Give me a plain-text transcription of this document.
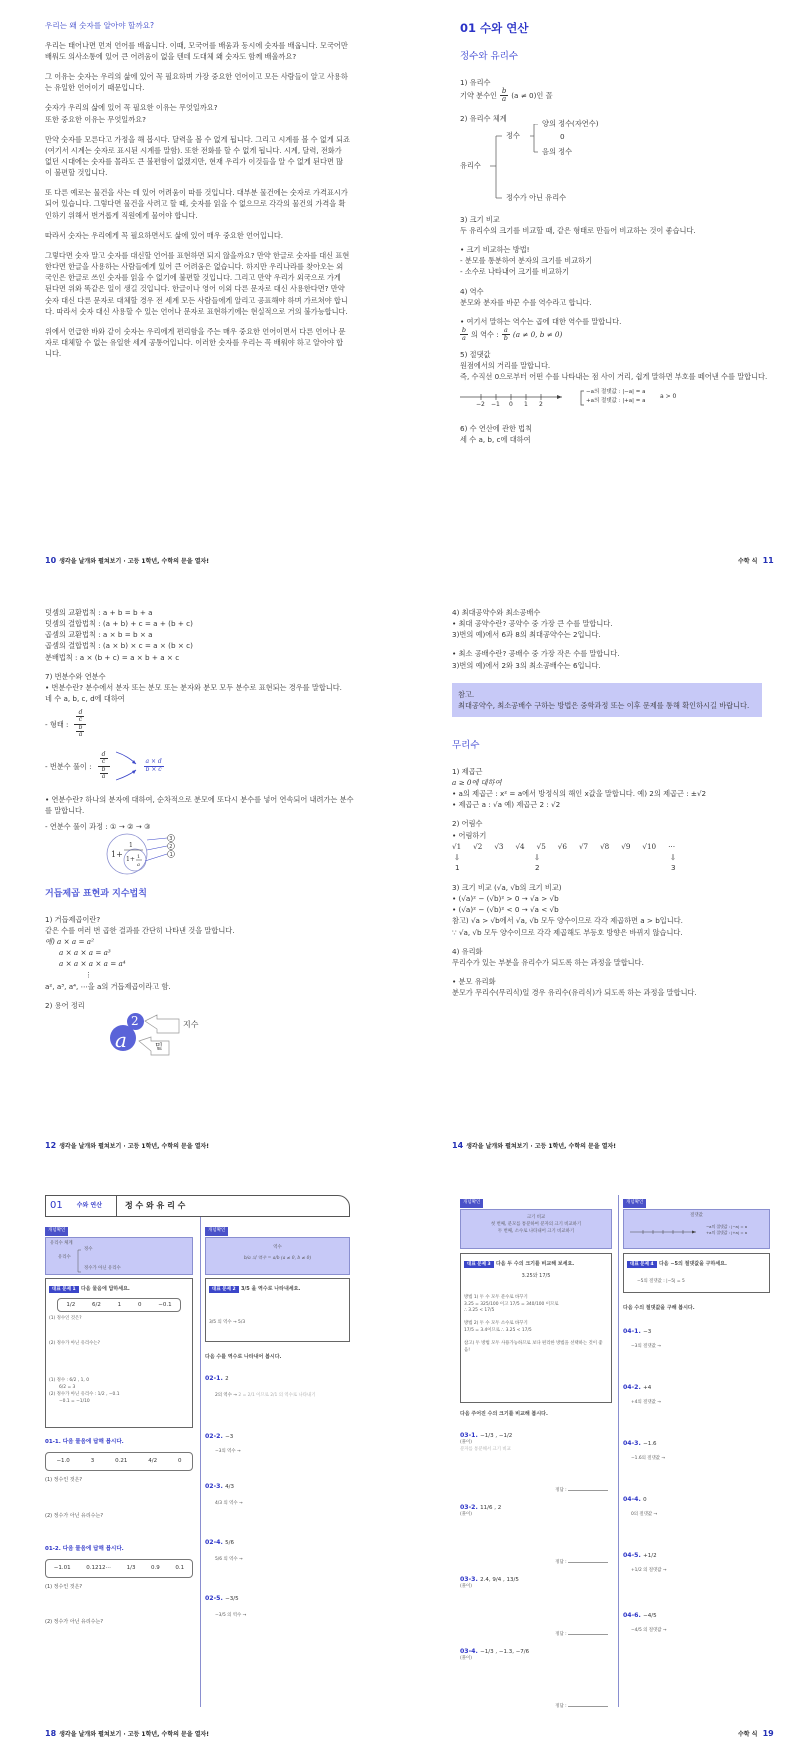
우리는 왜 숫자를 알아야 할까요?

우리는 태어나면 먼저 언어를 배웁니다. 이때, 모국어를 배움과 동시에 숫자를 배웁니다. 모국어만 배워도 의사소통에 있어 큰 어려움이 없을 텐데 도대체 왜 숫자도 함께 배울까요?

그 이유는 숫자는 우리의 삶에 있어 꼭 필요하며 가장 중요한 언어이고 모든 사람들이 알고 사용하는 유일한 언어이기 때문입니다.

숫자가 우리의 삶에 있어 꼭 필요한 이유는 무엇일까요?

또한 중요한 이유는 무엇일까요?

만약 숫자를 모른다고 가정을 해 봅시다. 달력을 볼 수 없게 됩니다. 그리고 시계를 볼 수 없게 되죠(여기서 시계는 숫자로 표시된 시계를 말함). 또한 전화를 할 수 없게 됩니다. 시계, 달력, 전화가 없던 시대에는 숫자를 몰라도 큰 불편함이 없겠지만, 현재 우리가 이것들을 알 수 없게 된다면 많이 불편할 것입니다.

또 다른 예로는 물건을 사는 데 있어 어려움이 따를 것입니다. 대부분 물건에는 숫자로 가격표시가 되어 있습니다. 그렇다면 물건을 사려고 할 때, 숫자를 읽을 수 없으므로 각각의 물건의 가격을 확인하기 위해서 번거롭게 직원에게 물어야 합니다.

따라서 숫자는 우리에게 꼭 필요하면서도 삶에 있어 매우 중요한 언어입니다.

그렇다면 숫자 말고 숫자를 대신할 언어를 표현하면 되지 않을까요? 만약 한글로 숫자를 대신 표현한다면 한글을 사용하는 사람들에게 있어 큰 어려움은 없습니다. 하지만 우리나라를 찾아오는 외국인은 한글로 쓰인 숫자를 읽을 수 없기에 불편할 것입니다. 그리고 만약 우리가 외국으로 가게 된다면 위와 똑같은 일이 생길 것입니다. 한글이나 영어 이외 다른 문자로 대신 사용한다면? 만약 숫자 대신 다른 문자로 대체할 경우 전 세계 모든 사람들에게 알리고 공표해야 하며 가르쳐야 합니다. 따라서 숫자 대신 사용할 수 있는 언어나 문자로 표현하기에는 현실적으로 거의 불가능합니다.

위에서 언급한 바와 같이 숫자는 우리에게 편리함을 주는 매우 중요한 언어이면서 다른 언어나 문자로 대체할 수 없는 유일한 세계 공통어입니다. 이러한 숫자를 우리는 꼭 배워야 하고 알아야 합니다.

10 생각을 날개와 펼쳐보기 · 고등 1학년, 수학의 문을 열자!
01 수와 연산
정수와 유리수
1) 유리수
기약 분수인 b
a (a ≠ 0)인 꼴
2) 유리수 체계
유리수
정수
양의 정수(자연수)
0
음의 정수
정수가 아닌 유리수
3) 크기 비교
두 유리수의 크기를 비교할 때, 같은 형태로 만들어 비교하는 것이 좋습니다.
• 크기 비교하는 방법!
- 분모를 통분하여 분자의 크기를 비교하기
- 소수로 나타내어 크기를 비교하기
4) 역수
분모와 분자를 바꾼 수를 역수라고 합니다.
• 여기서 말하는 역수는 곱에 대한 역수를 말합니다.
b
a 의 역수 : a
b (a ≠ 0, b ≠ 0)
5) 절댓값
원점에서의 거리를 말합니다.
즉, 수직선 0으로부터 어떤 수를 나타내는 점 사이 거리, 쉽게 말하면 부호를 떼어낸 수를 말합니다.
−2 −1 0 1 2
−a의 절댓값 : |−a| = a
+a의 절댓값 : |+a| = a
a > 0
6) 수 연산에 관한 법칙
세 수 a, b, c에 대하여
수학 식 11
덧셈의 교환법칙 : a + b = b + a
덧셈의 결합법칙 : (a + b) + c = a + (b + c)
곱셈의 교환법칙 : a × b = b × a
곱셈의 결합법칙 : (a × b) × c = a × (b × c)
분배법칙 : a × (b + c) = a × b + a × c
7) 번분수와 연분수
• 번분수란? 분수에서 분자 또는 분모 또는 분자와 분모 모두 분수로 표현되는 경우를 말합니다.
네 수 a, b, c, d에 대하여
- 형태 :
d
c
b
a
- 번분수 풀이 :
d
c
b
a
$\frac{a \times d}{b \times c}$
• 연분수란? 하나의 분자에 대하여, 순차적으로 분모에 또다시 분수를 넣어 연속되어 내려가는 분수를 말합니다.
- 연분수 풀이 과정 : ① → ② → ③
1+
1
1+ 1
a
3
2
1
거듭제곱 표현과 지수법칙
1) 거듭제곱이란?
같은 수를 여러 번 곱한 결과를 간단히 나타낸 것을 말합니다.
예) a × a = a²
a × a × a = a³
a × a × a × a = a⁴
⋮
a², a³, a⁴, ⋯을 a의 거듭제곱이라고 함.
2) 용어 정리
a
2	지수
밑
12 생각을 날개와 펼쳐보기 · 고등 1학년, 수학의 문을 열자!
4) 최대공약수와 최소공배수
• 최대 공약수란? 공약수 중 가장 큰 수를 말합니다.
3)번의 예)에서 6과 8의 최대공약수는 2입니다.
• 최소 공배수란? 공배수 중 가장 작은 수를 말합니다.
3)번의 예)에서 2와 3의 최소공배수는 6입니다.
참고.
최대공약수, 최소공배수 구하는 방법은 중학과정 또는 이후 문제를 통해 확인하시길 바랍니다.
무리수
1) 제곱근
a ≥ 0에 대하여
• a의 제곱근 : x² = a에서 방정식의 해인 x값을 말합니다. 예) 2의 제곱근 : ±√2
• 제곱근 a : √a 예) 제곱근 2 : √2
2) 어림수
• 어림하기
√1 √2 √3 √4 √5 √6 √7 √8 √9 √10 ⋯
⇩	⇩	⇩
1	2	3
3) 크기 비교 (√a, √b의 크기 비교)
• (√a)² − (√b)² > 0 → √a > √b
• (√a)² − (√b)² < 0 → √a < √b
참고) √a > √b에서 √a, √b 모두 양수이므로 각각 제곱하면 a > b입니다.
∵ √a, √b 모두 양수이므로 각각 제곱해도 부등호 방향은 바뀌지 않습니다.
4) 유리화
무리수가 있는 부분을 유리수가 되도록 하는 과정을 말합니다.
• 분모 유리화
분모가 무리수(무리식)일 경우 유리수(유리식)가 되도록 하는 과정을 말합니다.
14 생각을 날개와 펼쳐보기 · 고등 1학년, 수학의 문을 열자!
01 수와 연산	정 수 와 유 리 수
개념확인
유리수 체계
유리수
정수
정수가 아닌 유리수
대표 문제 1 다음 물음에 답하세요.
1/2	6/2	1	0	−0.1
(1) 정수인 것은?
(2) 정수가 아닌 유리수는?
(1) 정수 : 6/2 , 1, 0
6/2 = 3
(2) 정수가 아닌 유리수 : 1/2 , −0.1
−0.1 = −1/10
01-1. 다음 물음에 답해 봅시다.
−1.0	3	0.21	4/2	0
(1) 정수인 것은?
(2) 정수가 아닌 유리수는?
01-2. 다음 물음에 답해 봅시다.
−1.01	0.1212⋯	1/3	0.9	0.1
(1) 정수인 것은?
(2) 정수가 아닌 유리수는?
개념확인
역수
b/a 의 역수 = a/b (a ≠ 0, b ≠ 0)
대표 문제 2 3/5 을 역수로 나타내세요.
3/5 의 역수 → 5/3
다음 수를 역수로 나타내어 봅시다.
02-1. 2
2의 역수 → 2 = 2/1 이므로 2/1 의 역수로 나타내기
02-2. −3
−3의 역수 →
02-3. 4/3
4/3 의 역수 →
02-4. 5/6
5/6 의 역수 →
02-5. −3/5
−3/5 의 역수 →
18 생각을 날개와 펼쳐보기 · 고등 1학년, 수학의 문을 열자!
개념확인
크기 비교
첫 번째, 분모를 통분하여 분자의 크기 비교하기
두 번째, 소수로 나타내어 크기 비교하기
대표 문제 3 다음 두 수의 크기를 비교해 보세요.
3.25와 17/5
방법 1) 두 수 모두 분수로 바꾸기
3.25 = 325/100 이고 17/5 = 340/100 이므로
∴ 3.25 < 17/5
방법 2) 두 수 모두 소수로 바꾸기
17/5 = 3.4이므로 ∴ 3.25 < 17/5
참고) 두 방법 모두 사용가능하므로 보다 편리한 방법을 선택하는 것이 좋음!
다음 주어진 수의 크기를 비교해 봅시다.
03-1. −1/3 , −1/2
(풀이)
분자를 통분해서 크기 비교
정답 :
03-2. 11/6 , 2
(풀이)
정답 :
03-3. 2.4, 9/4 , 13/5
(풀이)
정답 :
03-4. −1/3 , −1.3, −7/6
(풀이)
정답 :
개념확인
절댓값
−a의 절댓값 : |−a| = a
+a의 절댓값 : |+a| = a
대표 문제 4 다음 −5의 절댓값을 구하세요.
−5의 절댓값 : |−5| = 5
다음 수의 절댓값을 구해 봅시다.
04-1. −3
−3의 절댓값 →
04-2. +4
+4의 절댓값 →
04-3. −1.6
−1.6의 절댓값 →
04-4. 0
0의 절댓값 →
04-5. +1/2
+1/2 의 절댓값 →
04-6. −4/5
−4/5 의 절댓값 →
수학 식 19
